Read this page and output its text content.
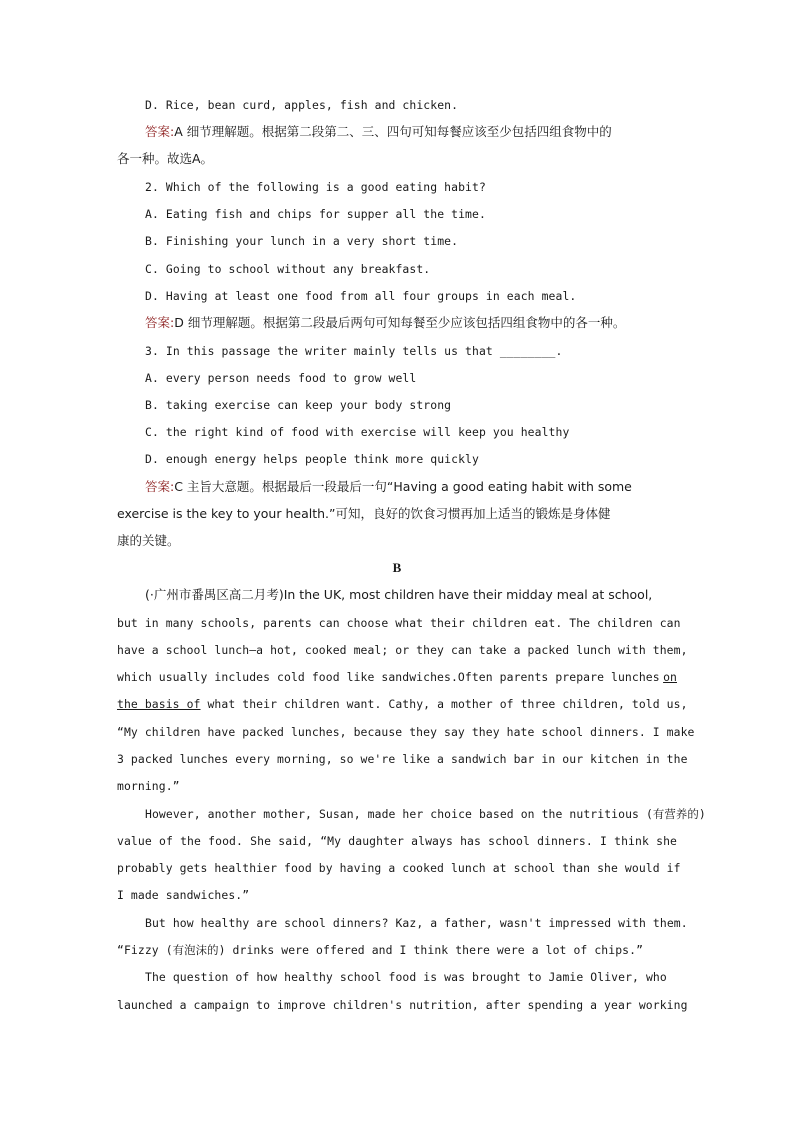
D. Rice, bean curd, apples, fish and chicken.
答案:A 细节理解题。根据第二段第二、三、四句可知每餐应该至少包括四组食物中的
各一种。故选A。
2. Which of the following is a good eating habit?
A. Eating fish and chips for supper all the time.
B. Finishing your lunch in a very short time.
C. Going to school without any breakfast.
D. Having at least one food from all four groups in each meal.
答案:D 细节理解题。根据第二段最后两句可知每餐至少应该包括四组食物中的各一种。
3. In this passage the writer mainly tells us that ________.
A. every person needs food to grow well
B. taking exercise can keep your body strong
C. the right kind of food with exercise will keep you healthy
D. enough energy helps people think more quickly
答案:C 主旨大意题。根据最后一段最后一句“Having a good eating habit with some
exercise is the key to your health.”可知，良好的饮食习惯再加上适当的锻炼是身体健
康的关键。
B
(·广州市番禺区高二月考)In the UK, most children have their midday meal at school,
but in many schools, parents can choose what their children eat. The children can
have a school lunch—a hot, cooked meal; or they can take a packed lunch with them,
which usually includes cold food like sandwiches.Often parents prepare lunches on
the basis of what their children want. Cathy, a mother of three children, told us,
“My children have packed lunches, because they say they hate school dinners. I make
3 packed lunches every morning, so we're like a sandwich bar in our kitchen in the
morning.”
However, another mother, Susan, made her choice based on the nutritious (有营养的)
value of the food. She said, “My daughter always has school dinners. I think she
probably gets healthier food by having a cooked lunch at school than she would if
I made sandwiches.”
But how healthy are school dinners? Kaz, a father, wasn't impressed with them.
“Fizzy (有泡沫的) drinks were offered and I think there were a lot of chips.”
The question of how healthy school food is was brought to Jamie Oliver, who
launched a campaign to improve children's nutrition, after spending a year working
